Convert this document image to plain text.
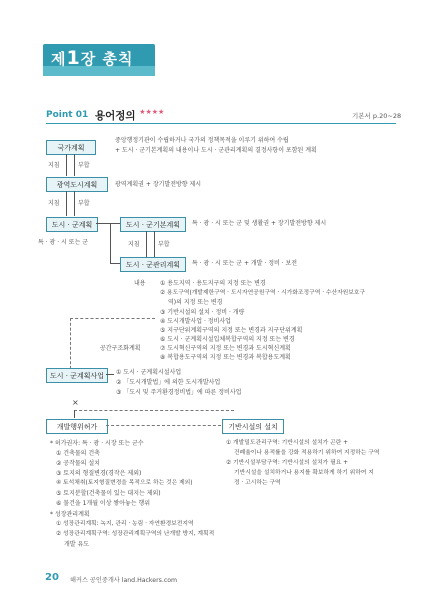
제1장 총칙
Point 01 용어정의 ★★★★	기본서 p.20~28
국가계획
중앙행정기관이 수립하거나 국가의 정책목적을 이루기 위하여 수립
+ 도시 · 군기본계획의 내용이나 도시 · 군관리계획의 결정사항이 포함된 계획
지침	부합
광역도시계획	광역계획권 + 장기발전방향 제시
지침	부합
도시 · 군계획
특 · 광 · 시 또는 군
도시 · 군기본계획	특 · 광 · 시 또는 군 및 생활권 + 장기발전방향 제시
지침	부합
도시 · 군관리계획	특 · 광 · 시 또는 군 + 개발 · 정비 · 보전
내용 ① 용도지역 · 용도지구의 지정 또는 변경
② 용도구역(개발제한구역 · 도시자연공원구역 · 시가화조정구역 · 수산자원보호구
역)의 지정 또는 변경
③ 기반시설의 설치 · 정비 · 개량
④ 도시개발사업 · 정비사업
⑤ 지구단위계획구역의 지정 또는 변경과 지구단위계획
⑥ 도시 · 군계획시설입체복합구역의 지정 또는 변경
⑦ 도시혁신구역의 지정 또는 변경과 도시혁신계획
⑧ 복합용도구역의 지정 또는 변경과 복합용도계획
공간구조화계획
도시 · 군계획사업	① 도시 · 군계획시설사업
② 「도시개발법」에 의한 도시개발사업
③ 「도시 및 주거환경정비법」에 따른 정비사업
×
개발행위허가	기반시설의 설치
* 허가권자: 특 · 광 · 시장 또는 군수
① 건축물의 건축
② 공작물의 설치
③ 토지의 형질변경(경작은 제외)
④ 토석채취(토지형질변경을 목적으로 하는 것은 제외)
⑤ 토지분할(건축물이 있는 대지는 제외)
⑥ 물건을 1개월 이상 쌓아놓는 행위
* 성장관리계획
① 성장관리계획: 녹지, 관리 · 농림 · 자연환경보전지역
② 성장관리계획구역: 성장관리계획구역의 난개발 방지, 계획적
개발 유도
① 개발밀도관리구역: 기반시설의 설치가 곤란 +
건폐율이나 용적률을 강화 적용하기 위하여 지정하는 구역
② 기반시설부담구역: 기반시설의 설치가 필요 +
기반시설을 설치하거나 용지를 확보하게 하기 위하여 지
정 · 고시하는 구역
20 해커스 공인중개사 land.Hackers.com
